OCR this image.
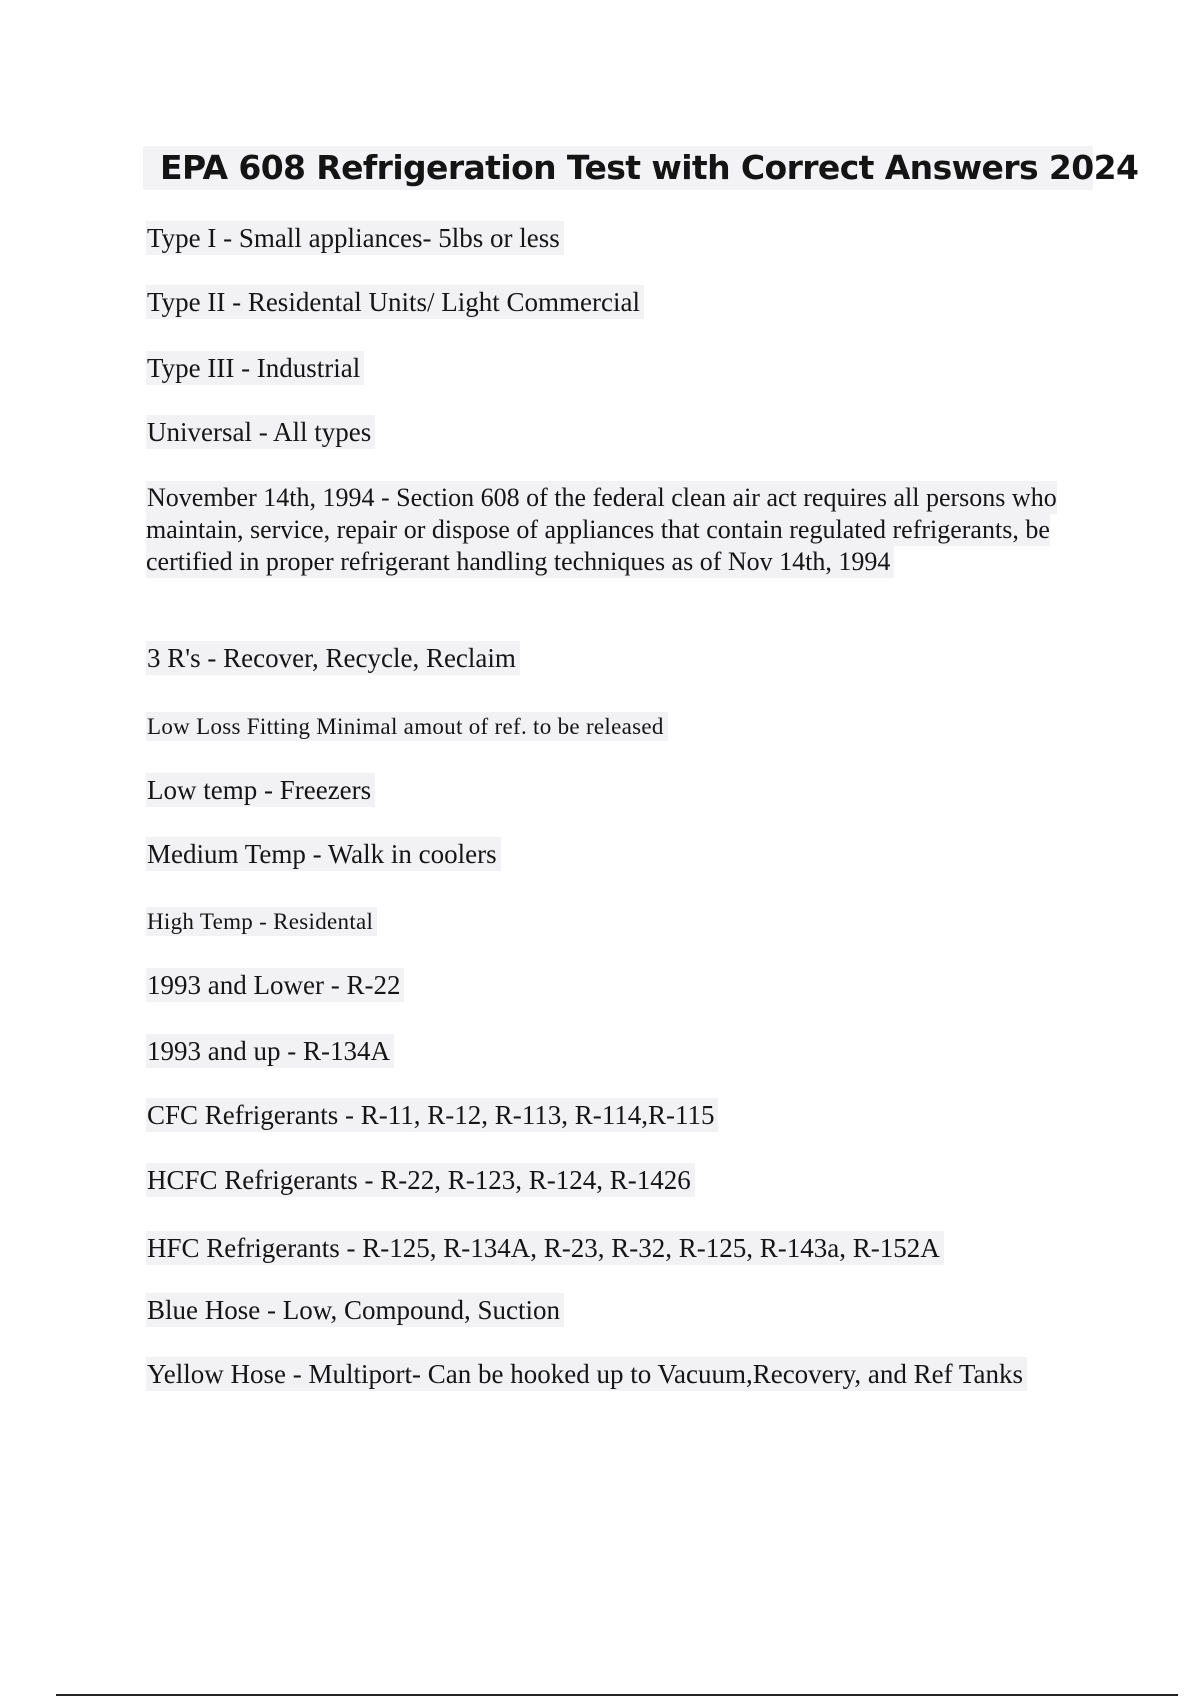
EPA 608 Refrigeration Test with Correct Answers 2024

Type I - Small appliances- 5lbs or less

Type II - Residental Units/ Light Commercial

Type III - Industrial

Universal - All types

November 14th, 1994 - Section 608 of the federal clean air act requires all persons who maintain, service, repair or dispose of appliances that contain regulated refrigerants, be certified in proper refrigerant handling techniques as of Nov 14th, 1994

3 R's - Recover, Recycle, Reclaim

Low Loss Fitting Minimal amout of ref. to be released

Low temp - Freezers

Medium Temp - Walk in coolers

High Temp - Residental

1993 and Lower - R-22

1993 and up - R-134A

CFC Refrigerants - R-11, R-12, R-113, R-114,R-115

HCFC Refrigerants - R-22, R-123, R-124, R-1426

HFC Refrigerants - R-125, R-134A, R-23, R-32, R-125, R-143a, R-152A

Blue Hose - Low, Compound, Suction

Yellow Hose - Multiport- Can be hooked up to Vacuum,Recovery, and Ref Tanks
